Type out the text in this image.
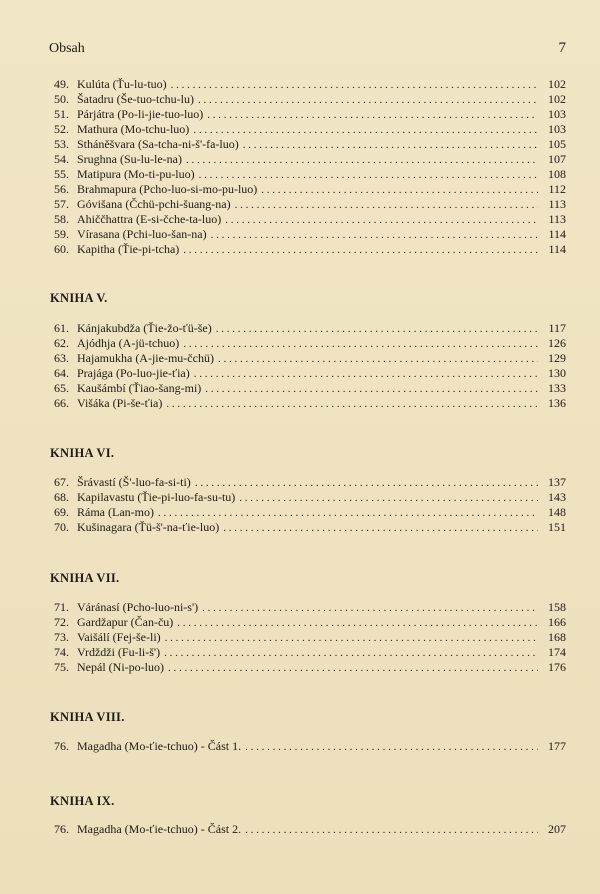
Obsah	7
49. Kulúta (Ťu-lu-tuo) . . .	102
50. Šatadru (Še-tuo-tchu-lu) . . .	102
51. Párjátra (Po-li-jie-tuo-luo) . . .	103
52. Mathura (Mo-tchu-luo) . . .	103
53. Stháněšvara (Sa-tcha-ni-š'-fa-luo) . . .	105
54. Srughna (Su-lu-le-na) . . .	107
55. Matipura (Mo-ti-pu-luo) . . .	108
56. Brahmapura (Pcho-luo-si-mo-pu-luo) . . .	112
57. Góvišana (Čchü-pchi-šuang-na) . . .	113
58. Ahiččhattra (E-si-čche-ta-luo) . . .	113
59. Vírasana (Pchi-luo-šan-na) . . .	114
60. Kapitha (Ťie-pi-tcha) . . .	114
KNIHA V.
61. Kánjakubdža (Ťie-žo-ťü-še) . . .	117
62. Ajódhja (A-jü-tchuo) . . .	126
63. Hajamukha (A-jie-mu-čchü) . . .	129
64. Prajága (Po-luo-jie-ťia) . . .	130
65. Kaušámbí (Ťiao-šang-mi) . . .	133
66. Višáka (Pi-še-ťia) . . .	136
KNIHA VI.
67. Šrávastí (Š'-luo-fa-si-ti) . . .	137
68. Kapilavastu (Ťie-pi-luo-fa-su-tu) . . .	143
69. Ráma (Lan-mo) . . .	148
70. Kušinagara (Ťü-š'-na-ťie-luo) . . .	151
KNIHA VII.
71. Váránasí (Pcho-luo-ni-s') . . .	158
72. Gardžapur (Čan-ču) . . .	166
73. Vaišálí (Fej-še-li) . . .	168
74. Vrdždži (Fu-li-š') . . .	174
75. Nepál (Ni-po-luo) . . .	176
KNIHA VIII.
76. Magadha (Mo-ťie-tchuo) - Část 1. . . .	177
KNIHA IX.
76. Magadha (Mo-ťie-tchuo) - Část 2. . . .	207
